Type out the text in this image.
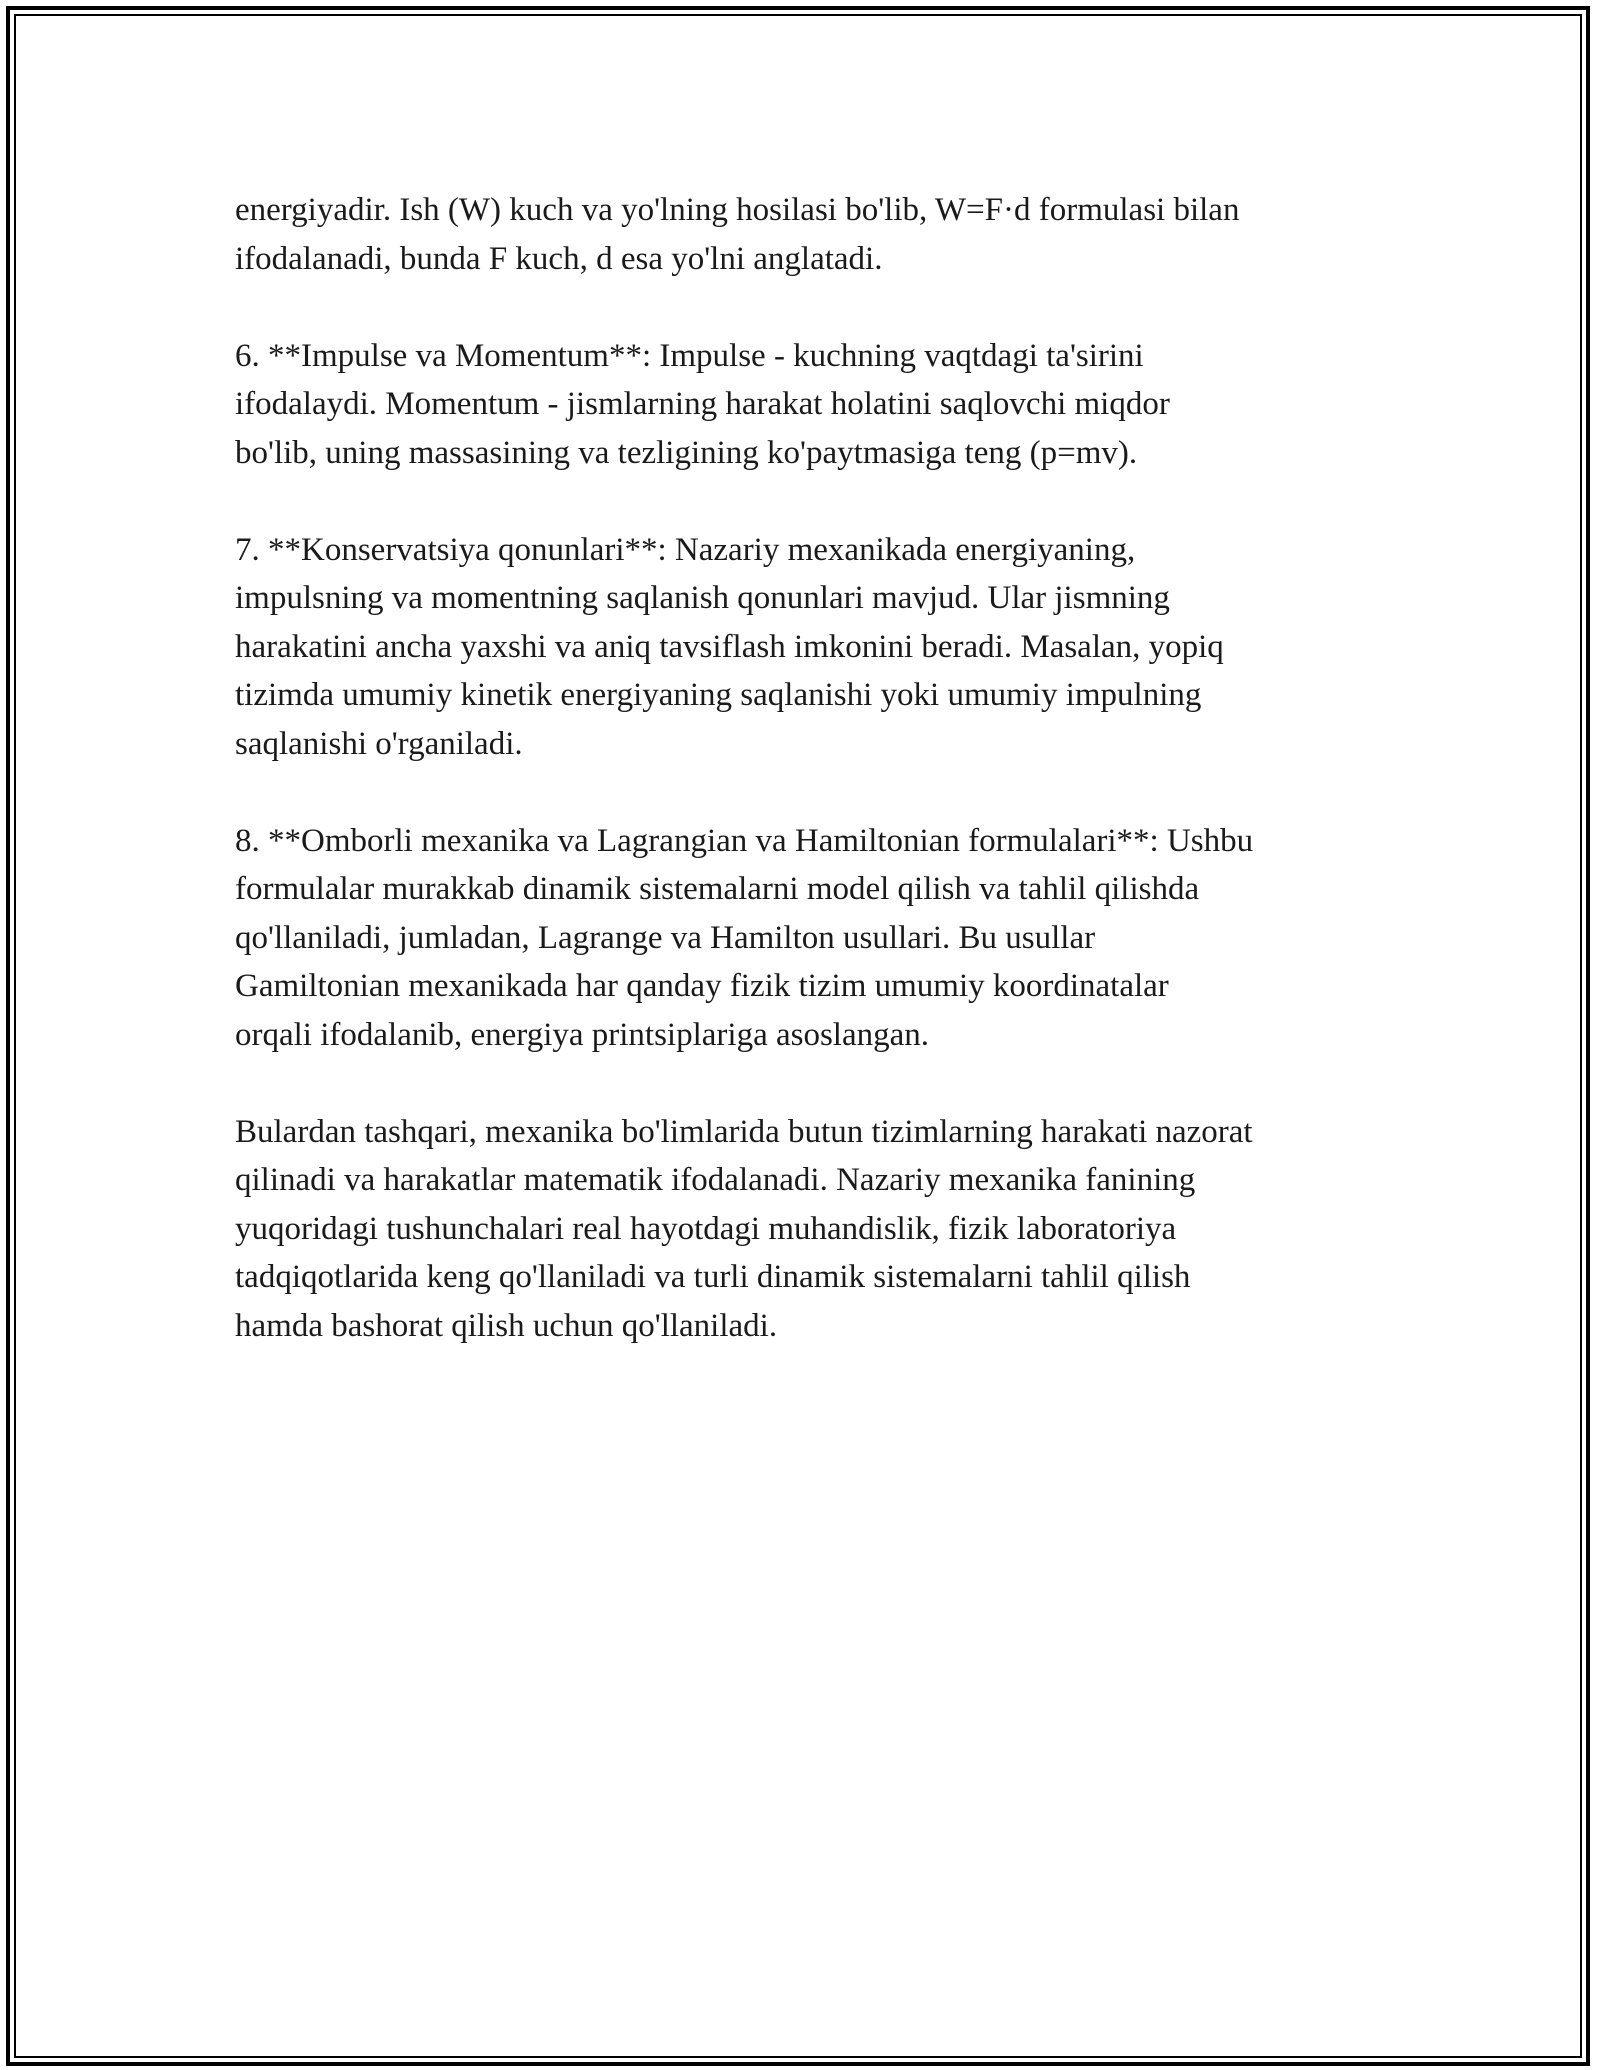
energiyadir. Ish (W) kuch va yo'lning hosilasi bo'lib, W=F·d formulasi bilan
ifodalanadi, bunda F kuch, d esa yo'lni anglatadi.

6. **Impulse va Momentum**: Impulse - kuchning vaqtdagi ta'sirini
ifodalaydi. Momentum - jismlarning harakat holatini saqlovchi miqdor
bo'lib, uning massasining va tezligining ko'paytmasiga teng (p=mv).

7. **Konservatsiya qonunlari**: Nazariy mexanikada energiyaning,
impulsning va momentning saqlanish qonunlari mavjud. Ular jismning
harakatini ancha yaxshi va aniq tavsiflash imkonini beradi. Masalan, yopiq
tizimda umumiy kinetik energiyaning saqlanishi yoki umumiy impulning
saqlanishi o'rganiladi.

8. **Omborli mexanika va Lagrangian va Hamiltonian formulalari**: Ushbu
formulalar murakkab dinamik sistemalarni model qilish va tahlil qilishda
qo'llaniladi, jumladan, Lagrange va Hamilton usullari. Bu usullar
Gamiltonian mexanikada har qanday fizik tizim umumiy koordinatalar
orqali ifodalanib, energiya printsiplariga asoslangan.

Bulardan tashqari, mexanika bo'limlarida butun tizimlarning harakati nazorat
qilinadi va harakatlar matematik ifodalanadi. Nazariy mexanika fanining
yuqoridagi tushunchalari real hayotdagi muhandislik, fizik laboratoriya
tadqiqotlarida keng qo'llaniladi va turli dinamik sistemalarni tahlil qilish
hamda bashorat qilish uchun qo'llaniladi.
